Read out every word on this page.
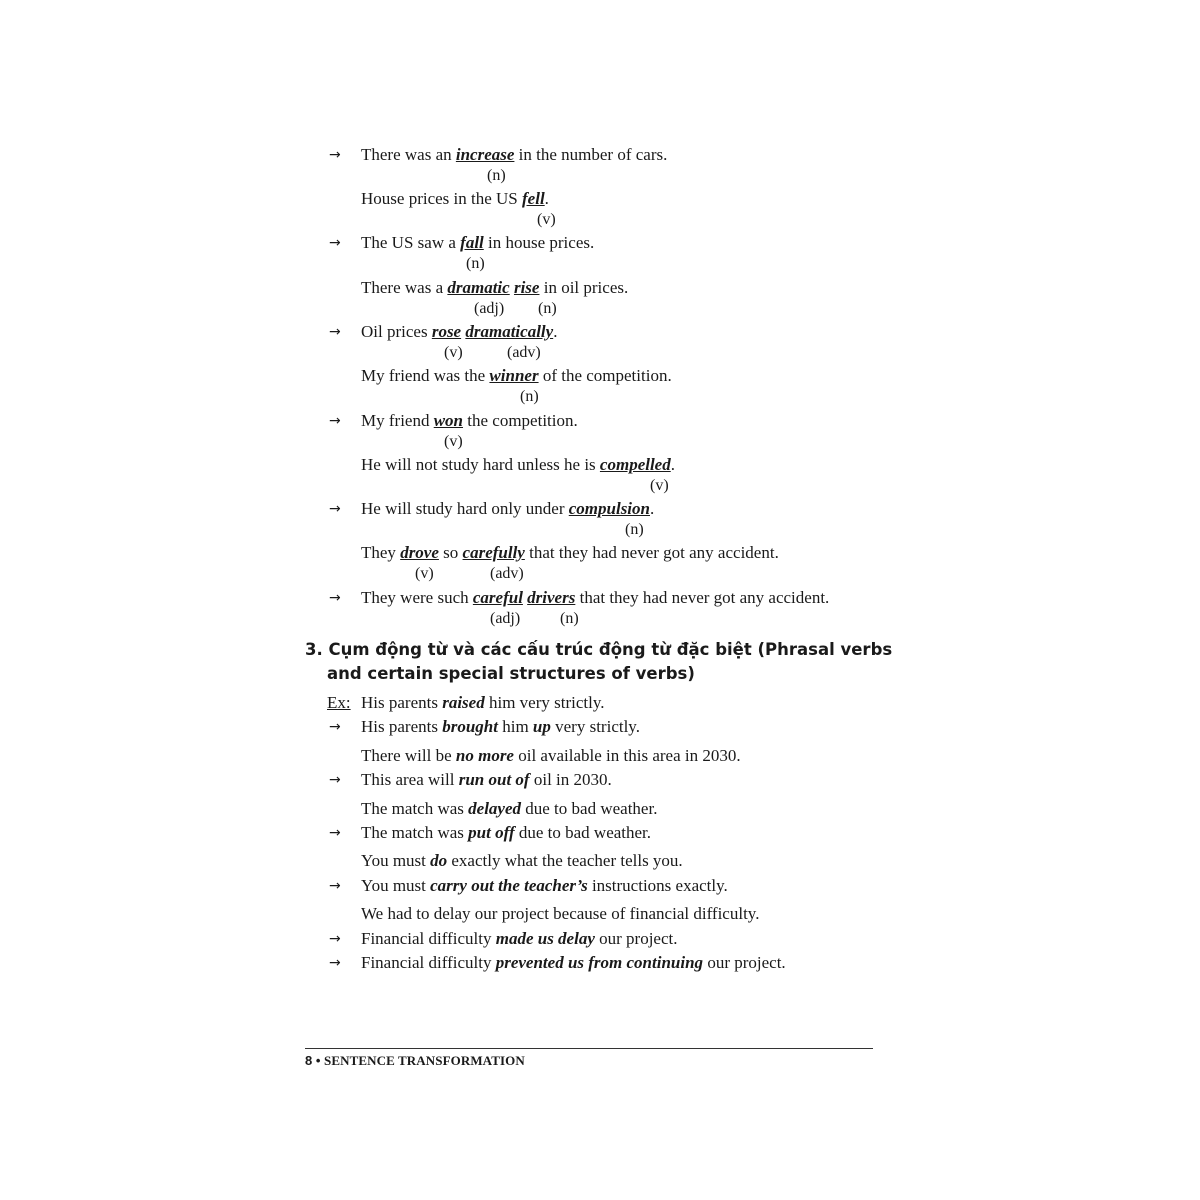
→ There was an increase in the number of cars.
(n)
House prices in the US fell.
(v)
→ The US saw a fall in house prices.
(n)
There was a dramatic rise in oil prices.
(adj) (n)
→ Oil prices rose dramatically.
(v)	(adv)
My friend was the winner of the competition.
(n)
→ My friend won the competition.
(v)
He will not study hard unless he is compelled.
(v)
→ He will study hard only under compulsion.
(n)
They drove so carefully that they had never got any accident.
(v)	(adv)
→ They were such careful drivers that they had never got any accident.
(adj) (n)
3. Cụm động từ và các cấu trúc động từ đặc biệt (Phrasal verbs
and certain special structures of verbs)
Ex: His parents raised him very strictly.
→ His parents brought him up very strictly.
There will be no more oil available in this area in 2030.
→ This area will run out of oil in 2030.
The match was delayed due to bad weather.
→ The match was put off due to bad weather.
You must do exactly what the teacher tells you.
→ You must carry out the teacher’s instructions exactly.
We had to delay our project because of financial difficulty.
→ Financial difficulty made us delay our project.
→ Financial difficulty prevented us from continuing our project.
8 • SENTENCE TRANSFORMATION
